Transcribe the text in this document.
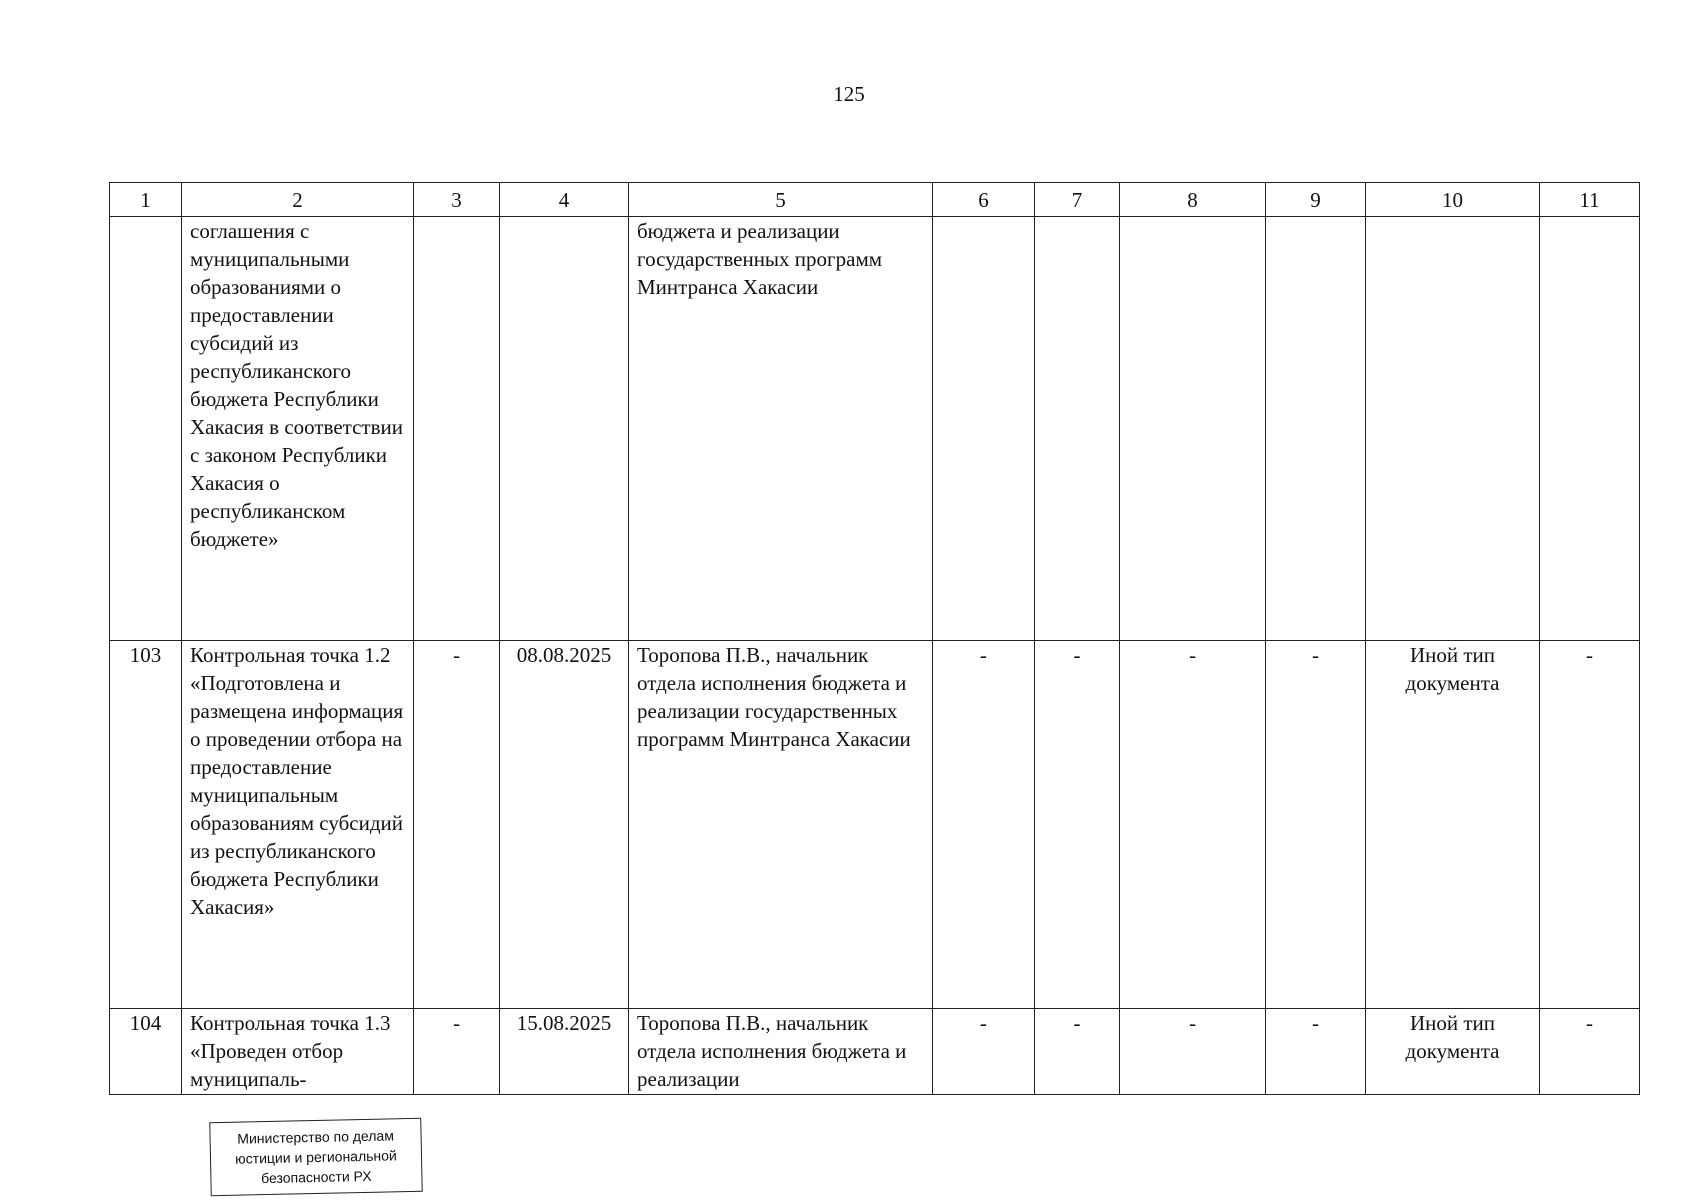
125
1	2	3	4	5	6	7	8	9	10	11

	соглашения с муниципальными образованиями о предоставлении субсидий из республиканского бюджета Республики Хакасия в соответствии с законом Республики Хакасия о республиканском бюджете»			бюджета и реализации государственных программ Минтранса Хакасии						

103	Контрольная точка 1.2 «Подготовлена и размещена информация о проведении отбора на предоставление муниципальным образованиям субсидий из республиканского бюджета Республики Хакасия»	-	08.08.2025	Торопова П.В., начальник отдела исполнения бюджета и реализации государственных программ Минтранса Хакасии	-	-	-	-	Иной тип документа	-
104	Контрольная точка 1.3 «Проведен отбор муниципаль-	-	15.08.2025	Торопова П.В., начальник отдела исполнения бюджета и реализации	-	-	-	-	Иной тип документа	-
Министерство по делам
юстиции и региональной
безопасности РХ
